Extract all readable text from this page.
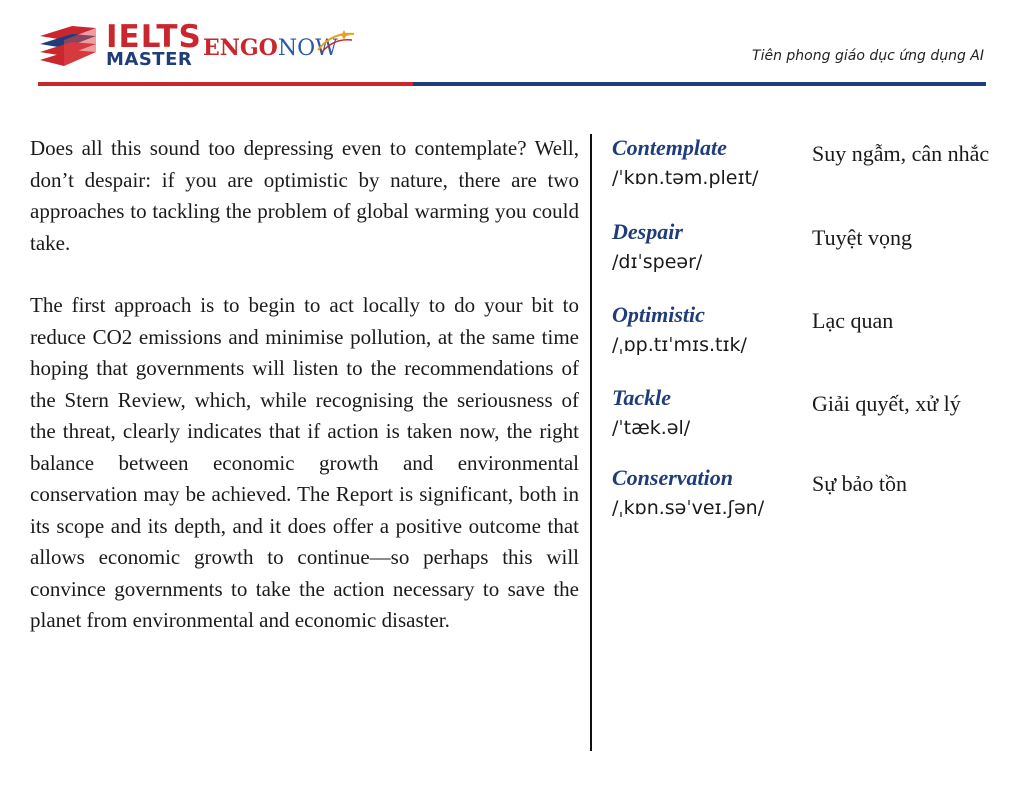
IELTS
MASTER ENGONOW	Tiên phong giáo dục ứng dụng AI

Does all this sound too depressing even to contemplate? Well, don’t despair: if you are optimistic by nature, there are two approaches to tackling the problem of global warming you could take.

The first approach is to begin to act locally to do your bit to reduce CO2 emissions and minimise pollution, at the same time hoping that governments will listen to the recommendations of the Stern Review, which, while recognising the seriousness of the threat, clearly indicates that if action is taken now, the right balance between economic growth and environmental conservation may be achieved. The Report is significant, both in its scope and its depth, and it does offer a positive outcome that allows economic growth to continue—so perhaps this will convince governments to take the action necessary to save the planet from environmental and economic disaster.

Contemplate
/ˈkɒn.təm.pleɪt/
Suy ngẫm, cân nhắc
Despair
/dɪˈspeər/
Tuyệt vọng
Optimistic
/ˌɒp.tɪˈmɪs.tɪk/
Lạc quan
Tackle
/ˈtæk.əl/
Giải quyết, xử lý
Conservation
/ˌkɒn.səˈveɪ.ʃən/
Sự bảo tồn
